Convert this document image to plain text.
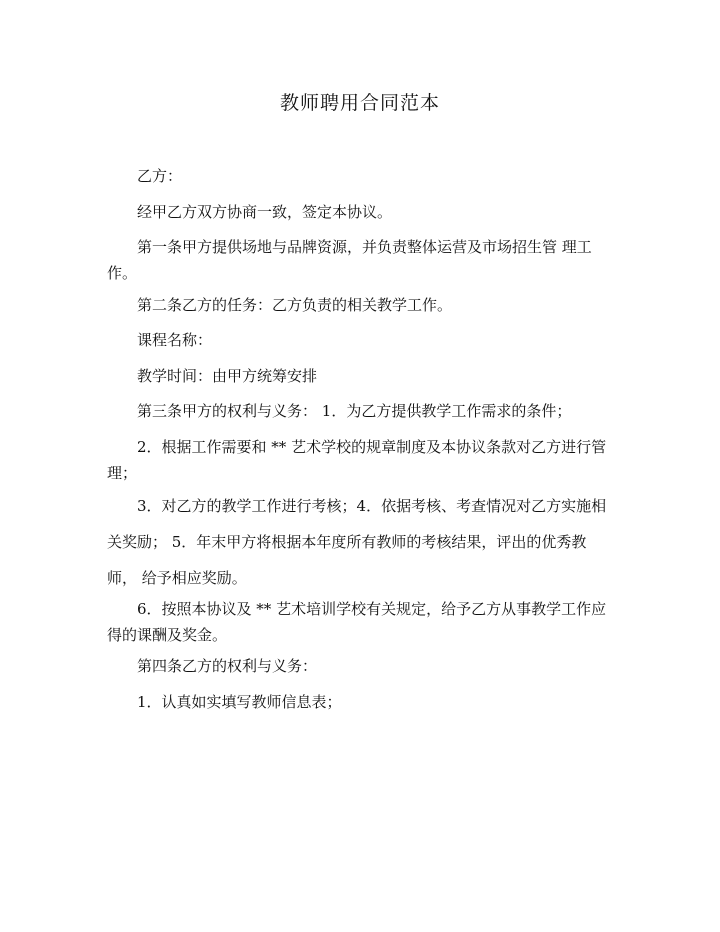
教师聘用合同范本
乙方：
经甲乙方双方协商一致，签定本协议。
第一条甲方提供场地与品牌资源，并负责整体运营及市场招生管 理工作。
第二条乙方的任务：乙方负责的相关教学工作。
课程名称：
教学时间：由甲方统筹安排
第三条甲方的权利与义务： 1．为乙方提供教学工作需求的条件；
2．根据工作需要和 ** 艺术学校的规章制度及本协议条款对乙方进行管理；
3．对乙方的教学工作进行考核；4．依据考核、考查情况对乙方实施相关奖励； 5．年末甲方将根据本年度所有教师的考核结果，评出的优秀教师， 给予相应奖励。
6．按照本协议及 ** 艺术培训学校有关规定，给予乙方从事教学工作应得的课酬及奖金。
第四条乙方的权利与义务：
1．认真如实填写教师信息表；
